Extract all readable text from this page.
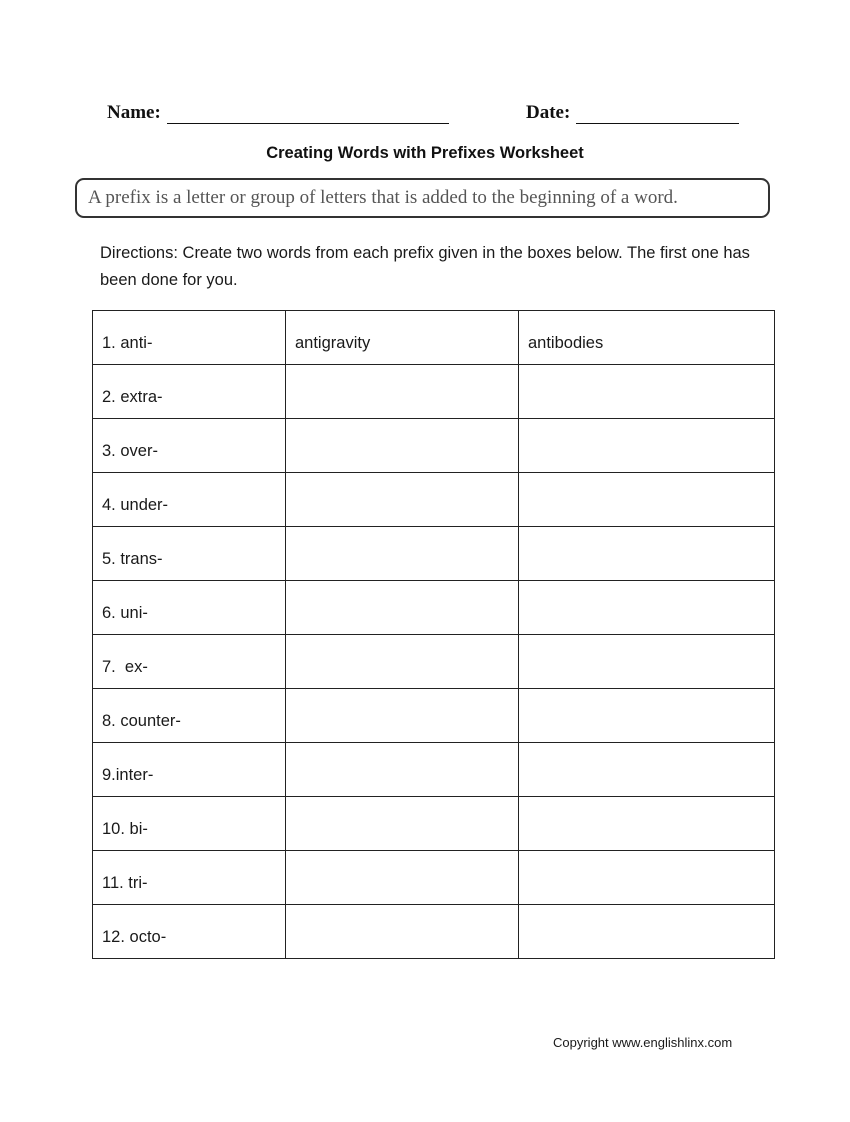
Name:	Date:
Creating Words with Prefixes Worksheet
A prefix is a letter or group of letters that is added to the beginning of a word.
Directions: Create two words from each prefix given in the boxes below. The first one has been done for you.
1. anti-	antigravity	antibodies
2. extra-		
3. over-		
4. under-		
5. trans-		
6. uni-		
7.  ex-		
8. counter-		
9.inter-		
10. bi-		
11. tri-		
12. octo-		
Copyright www.englishlinx.com
